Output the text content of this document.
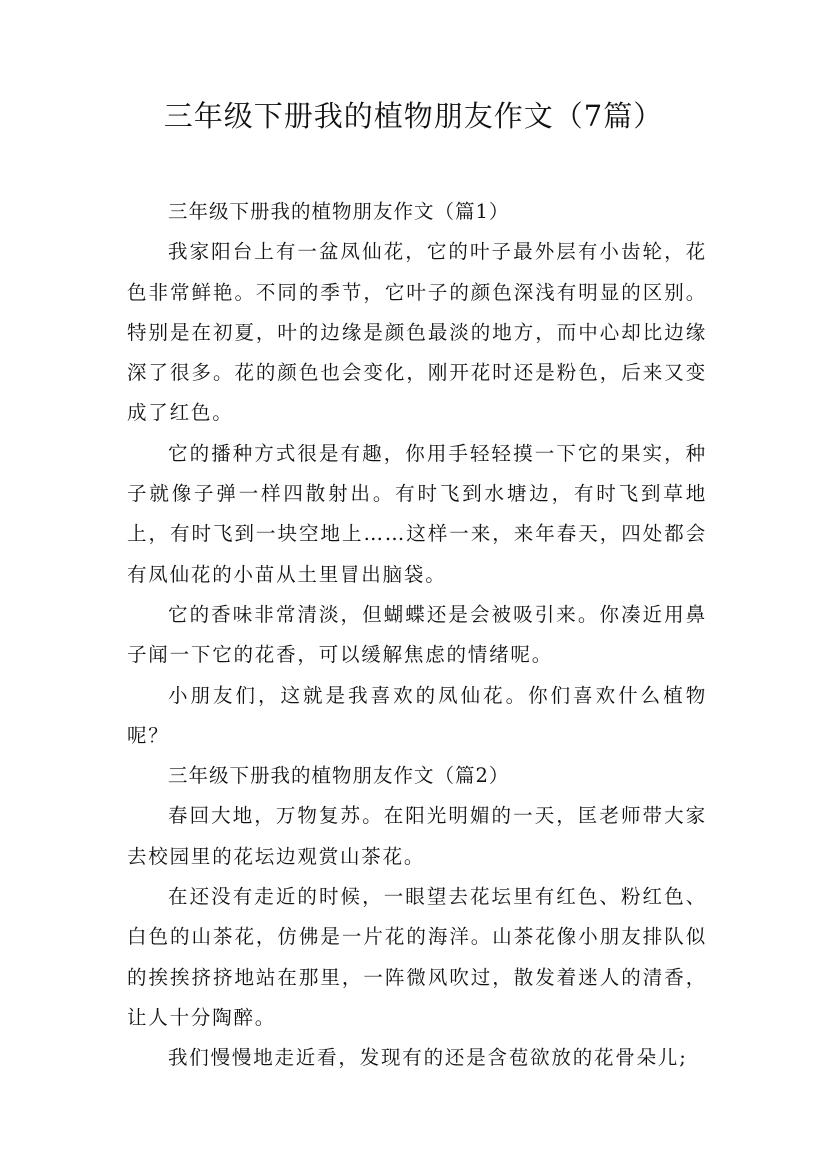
三年级下册我的植物朋友作文（7篇）

三年级下册我的植物朋友作文（篇1）

我家阳台上有一盆凤仙花，它的叶子最外层有小齿轮，花色非常鲜艳。不同的季节，它叶子的颜色深浅有明显的区别。特别是在初夏，叶的边缘是颜色最淡的地方，而中心却比边缘深了很多。花的颜色也会变化，刚开花时还是粉色，后来又变成了红色。

它的播种方式很是有趣，你用手轻轻摸一下它的果实，种子就像子弹一样四散射出。有时飞到水塘边，有时飞到草地上，有时飞到一块空地上……这样一来，来年春天，四处都会有凤仙花的小苗从土里冒出脑袋。

它的香味非常清淡，但蝴蝶还是会被吸引来。你凑近用鼻子闻一下它的花香，可以缓解焦虑的情绪呢。

小朋友们，这就是我喜欢的凤仙花。你们喜欢什么植物呢？

三年级下册我的植物朋友作文（篇2）

春回大地，万物复苏。在阳光明媚的一天，匡老师带大家去校园里的花坛边观赏山茶花。

在还没有走近的时候，一眼望去花坛里有红色、粉红色、白色的山茶花，仿佛是一片花的海洋。山茶花像小朋友排队似的挨挨挤挤地站在那里，一阵微风吹过，散发着迷人的清香，让人十分陶醉。

我们慢慢地走近看，发现有的还是含苞欲放的花骨朵儿;
